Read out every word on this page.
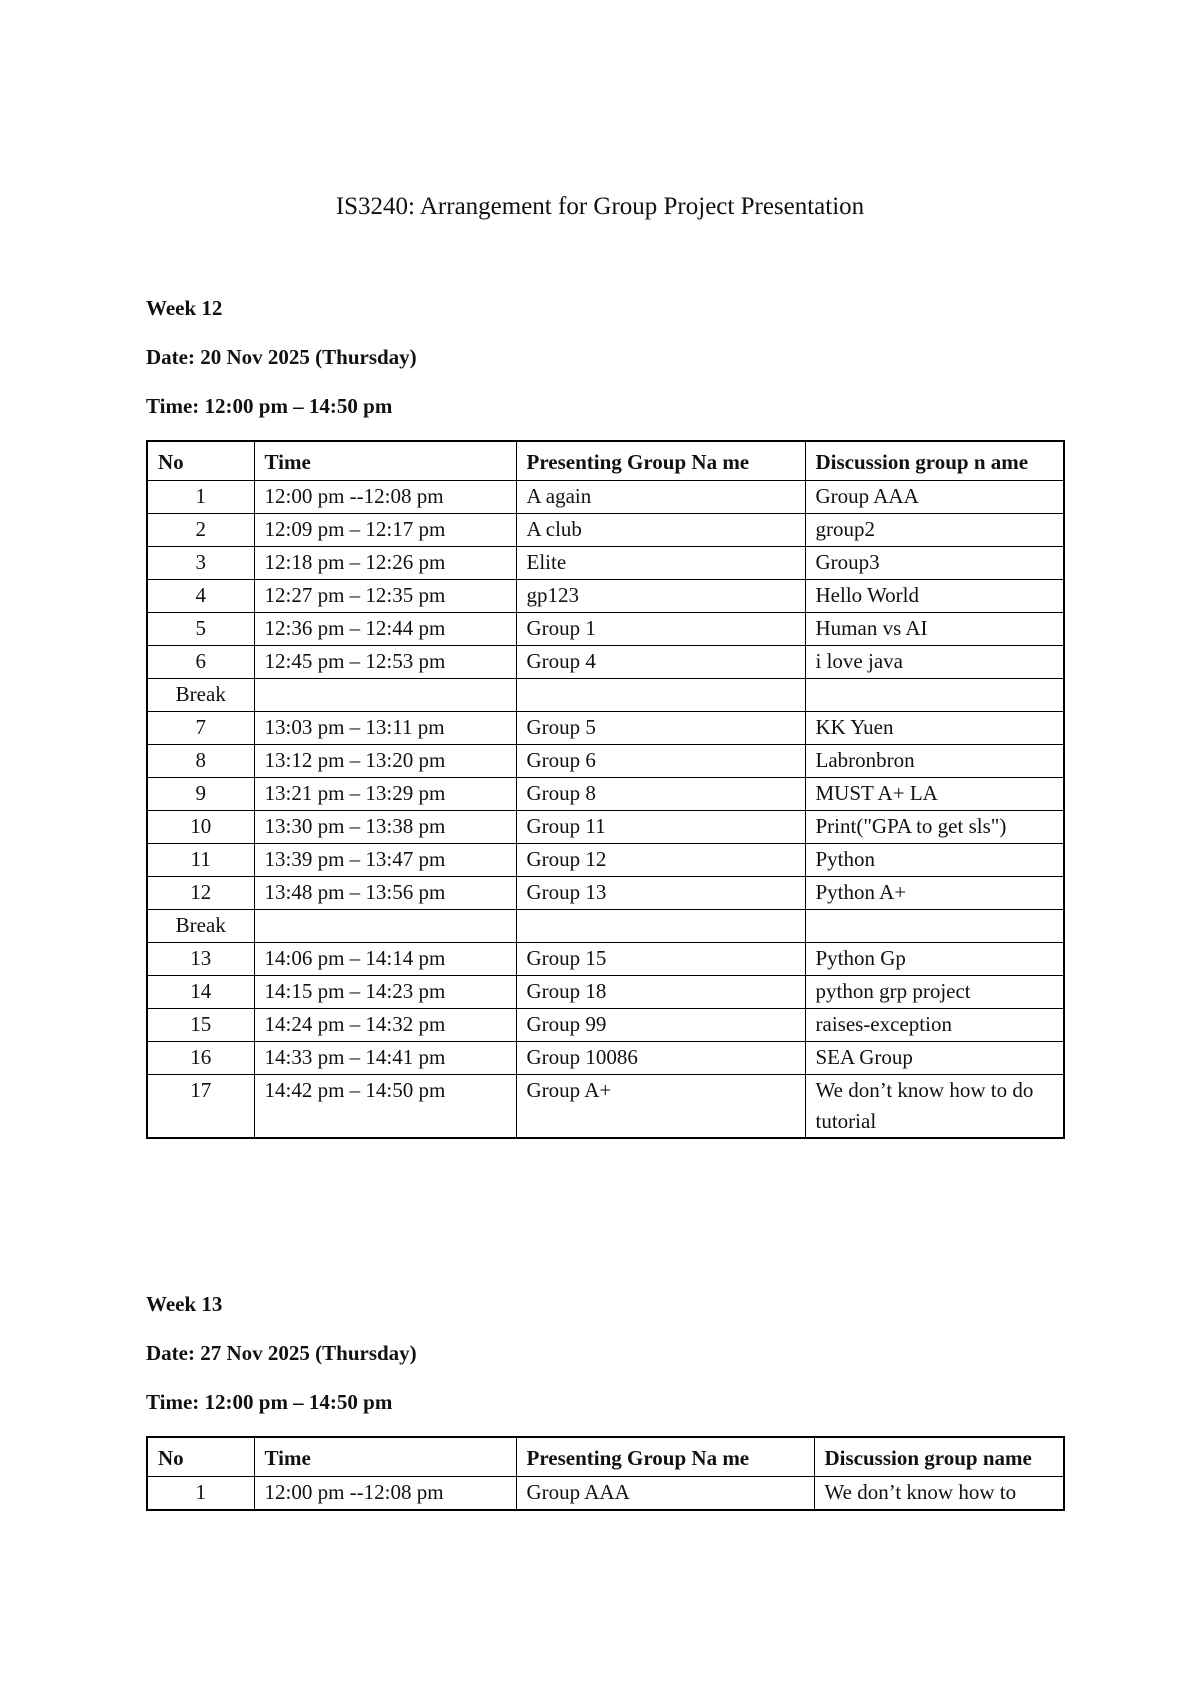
IS3240: Arrangement for Group Project Presentation

Week 12

Date: 20 Nov 2025 (Thursday)

Time: 12:00 pm – 14:50 pm

No	Time	Presenting Group Na me	Discussion group n ame
1	12:00 pm --12:08 pm	A again	Group AAA
2	12:09 pm – 12:17 pm	A club	group2
3	12:18 pm – 12:26 pm	Elite	Group3
4	12:27 pm – 12:35 pm	gp123	Hello World
5	12:36 pm – 12:44 pm	Group 1	Human vs AI
6	12:45 pm – 12:53 pm	Group 4	i love java
Break			
7	13:03 pm – 13:11 pm	Group 5	KK Yuen
8	13:12 pm – 13:20 pm	Group 6	Labronbron
9	13:21 pm – 13:29 pm	Group 8	MUST A+ LA
10	13:30 pm – 13:38 pm	Group 11	Print("GPA to get sls")
11	13:39 pm – 13:47 pm	Group 12	Python
12	13:48 pm – 13:56 pm	Group 13	Python A+
Break			
13	14:06 pm – 14:14 pm	Group 15	Python Gp
14	14:15 pm – 14:23 pm	Group 18	python grp project
15	14:24 pm – 14:32 pm	Group 99	raises-exception
16	14:33 pm – 14:41 pm	Group 10086	SEA Group
17	14:42 pm – 14:50 pm	Group A+	We don’t know how to do tutorial

Week 13

Date: 27 Nov 2025 (Thursday)

Time: 12:00 pm – 14:50 pm

No	Time	Presenting Group Na me	Discussion group name
1	12:00 pm --12:08 pm	Group AAA	We don’t know how to
